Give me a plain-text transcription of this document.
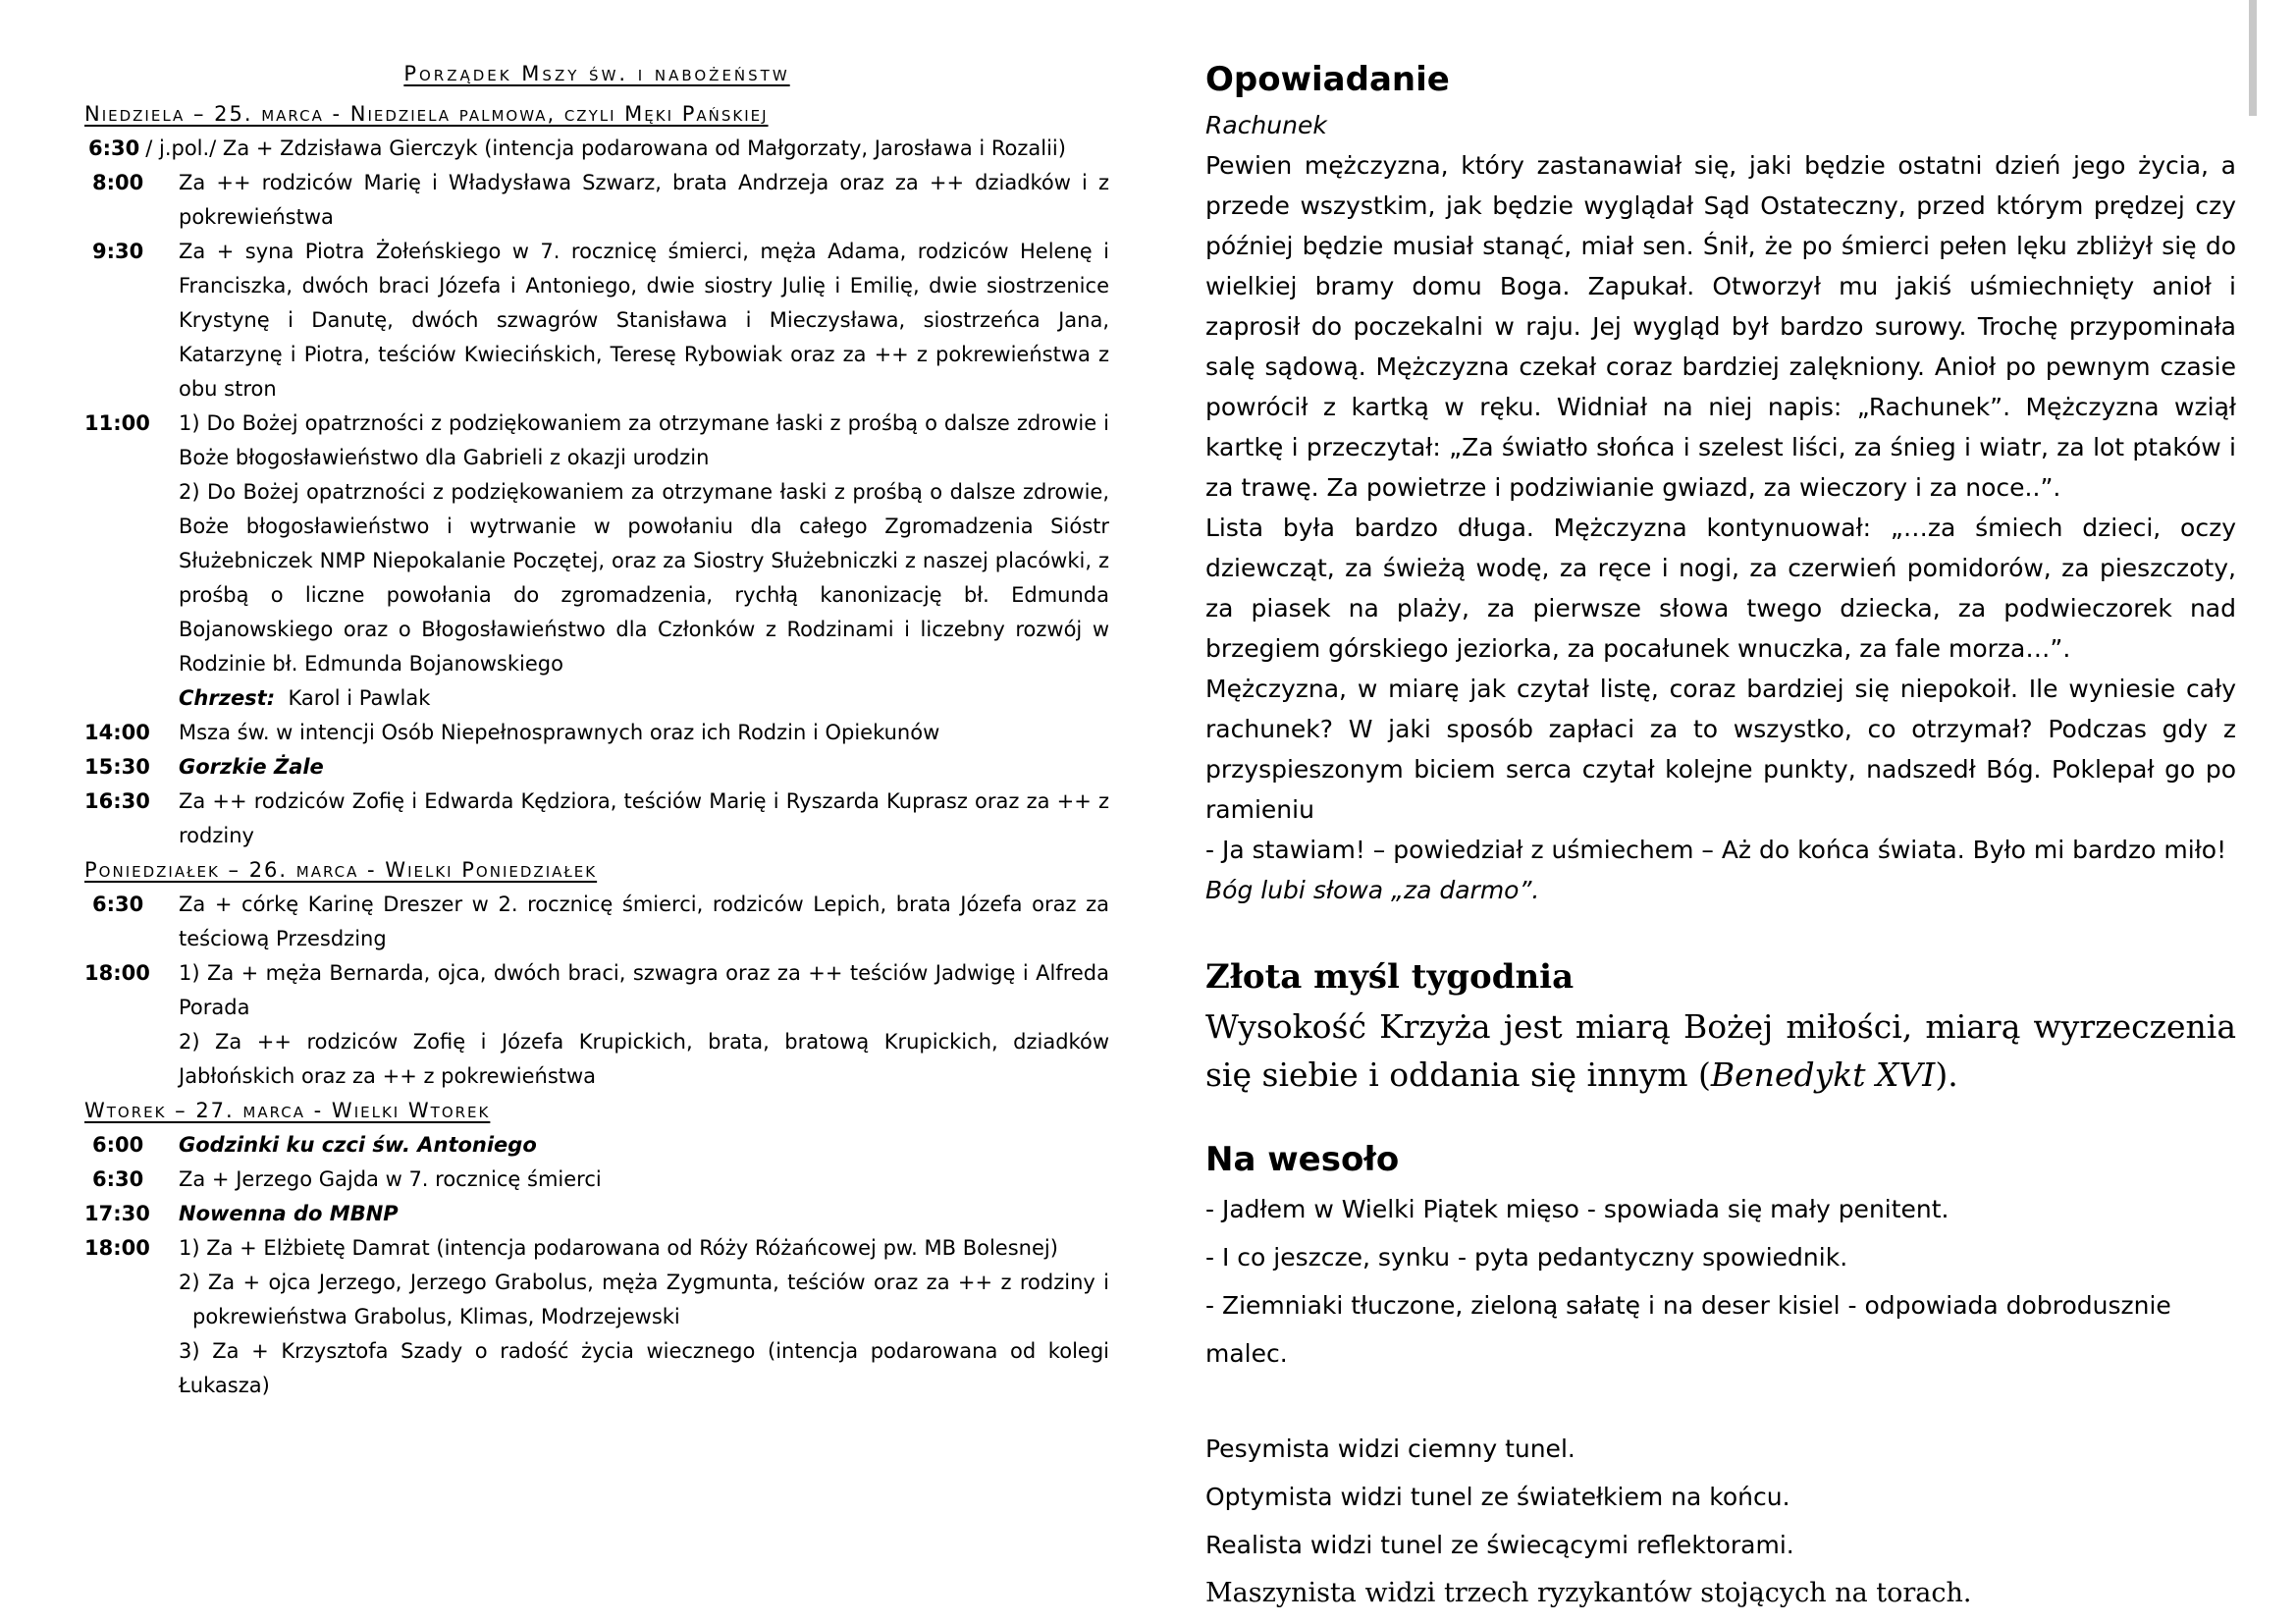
Porządek Mszy św. i nabożeństw
Niedziela – 25. marca - Niedziela palmowa, czyli Męki Pańskiej
6:30 / j.pol./ Za + Zdzisława Gierczyk (intencja podarowana od Małgorzaty, Jarosława i Rozalii)
8:00	Za ++ rodziców Marię i Władysława Szwarz, brata Andrzeja oraz za ++ dziadków i z pokrewieństwa
9:30	Za + syna Piotra Żołeńskiego w 7. rocznicę śmierci, męża Adama, rodziców Helenę i Franciszka, dwóch braci Józefa i Antoniego, dwie siostry Julię i Emilię, dwie siostrzenice Krystynę i Danutę, dwóch szwagrów Stanisława i Mieczysława, siostrzeńca Jana, Katarzynę i Piotra, teściów Kwiecińskich, Teresę Rybowiak oraz za ++ z pokrewieństwa z obu stron
11:00	1) Do Bożej opatrzności z podziękowaniem za otrzymane łaski z prośbą o dalsze zdrowie i Boże błogosławieństwo dla Gabrieli z okazji urodzin
2) Do Bożej opatrzności z podziękowaniem za otrzymane łaski z prośbą o dalsze zdrowie, Boże błogosławieństwo i wytrwanie w powołaniu dla całego Zgromadzenia Sióstr Służebniczek NMP Niepokalanie Poczętej, oraz za Siostry Służebniczki z naszej placówki, z prośbą o liczne powołania do zgromadzenia, rychłą kanonizację bł. Edmunda Bojanowskiego oraz o Błogosławieństwo dla Członków z Rodzinami i liczebny rozwój w Rodzinie bł. Edmunda Bojanowskiego
Chrzest: Karol i Pawlak
14:00	Msza św. w intencji Osób Niepełnosprawnych oraz ich Rodzin i Opiekunów
15:30	Gorzkie Żale
16:30	Za ++ rodziców Zofię i Edwarda Kędziora, teściów Marię i Ryszarda Kuprasz oraz za ++ z rodziny
Poniedziałek – 26. marca - Wielki Poniedziałek
6:30	Za + córkę Karinę Dreszer w 2. rocznicę śmierci, rodziców Lepich, brata Józefa oraz za teściową Przesdzing
18:00	1) Za + męża Bernarda, ojca, dwóch braci, szwagra oraz za ++ teściów Jadwigę i Alfreda Porada
2) Za ++ rodziców Zofię i Józefa Krupickich, brata, bratową Krupickich, dziadków Jabłońskich oraz za ++ z pokrewieństwa
Wtorek – 27. marca - Wielki Wtorek
6:00	Godzinki ku czci św. Antoniego
6:30	Za + Jerzego Gajda w 7. rocznicę śmierci
17:30	Nowenna do MBNP
18:00	1) Za + Elżbietę Damrat (intencja podarowana od Róży Różańcowej pw. MB Bolesnej)
2) Za + ojca Jerzego, Jerzego Grabolus, męża Zygmunta, teściów oraz za ++ z rodziny i pokrewieństwa Grabolus, Klimas, Modrzejewski
3) Za + Krzysztofa Szady o radość życia wiecznego (intencja podarowana od kolegi Łukasza)
Opowiadanie
Rachunek
Pewien mężczyzna, który zastanawiał się, jaki będzie ostatni dzień jego życia, a przede wszystkim, jak będzie wyglądał Sąd Ostateczny, przed którym prędzej czy później będzie musiał stanąć, miał sen. Śnił, że po śmierci pełen lęku zbliżył się do wielkiej bramy domu Boga. Zapukał. Otworzył mu jakiś uśmiechnięty anioł i zaprosił do poczekalni w raju. Jej wygląd był bardzo surowy. Trochę przypominała salę sądową. Mężczyzna czekał coraz bardziej zalękniony. Anioł po pewnym czasie powrócił z kartką w ręku. Widniał na niej napis: „Rachunek”. Mężczyzna wziął kartkę i przeczytał: „Za światło słońca i szelest liści, za śnieg i wiatr, za lot ptaków i za trawę. Za powietrze i podziwianie gwiazd, za wieczory i za noce..”.
Lista była bardzo długa. Mężczyzna kontynuował: „…za śmiech dzieci, oczy dziewcząt, za świeżą wodę, za ręce i nogi, za czerwień pomidorów, za pieszczoty, za piasek na plaży, za pierwsze słowa twego dziecka, za podwieczorek nad brzegiem górskiego jeziorka, za pocałunek wnuczka, za fale morza…”.
Mężczyzna, w miarę jak czytał listę, coraz bardziej się niepokoił. Ile wyniesie cały rachunek? W jaki sposób zapłaci za to wszystko, co otrzymał? Podczas gdy z przyspieszonym biciem serca czytał kolejne punkty, nadszedł Bóg. Poklepał go po ramieniu
- Ja stawiam! – powiedział z uśmiechem – Aż do końca świata. Było mi bardzo miło!
Bóg lubi słowa „za darmo”.
Złota myśl tygodnia
Wysokość Krzyża jest miarą Bożej miłości, miarą wyrzeczenia się siebie i oddania się innym (Benedykt XVI).
Na wesoło

- Jadłem w Wielki Piątek mięso - spowiada się mały penitent.

- I co jeszcze, synku - pyta pedantyczny spowiednik.

- Ziemniaki tłuczone, zieloną sałatę i na deser kisiel - odpowiada dobrodusznie malec.

Pesymista widzi ciemny tunel.

Optymista widzi tunel ze światełkiem na końcu.

Realista widzi tunel ze świecącymi reflektorami.

Maszynista widzi trzech ryzykantów stojących na torach.
